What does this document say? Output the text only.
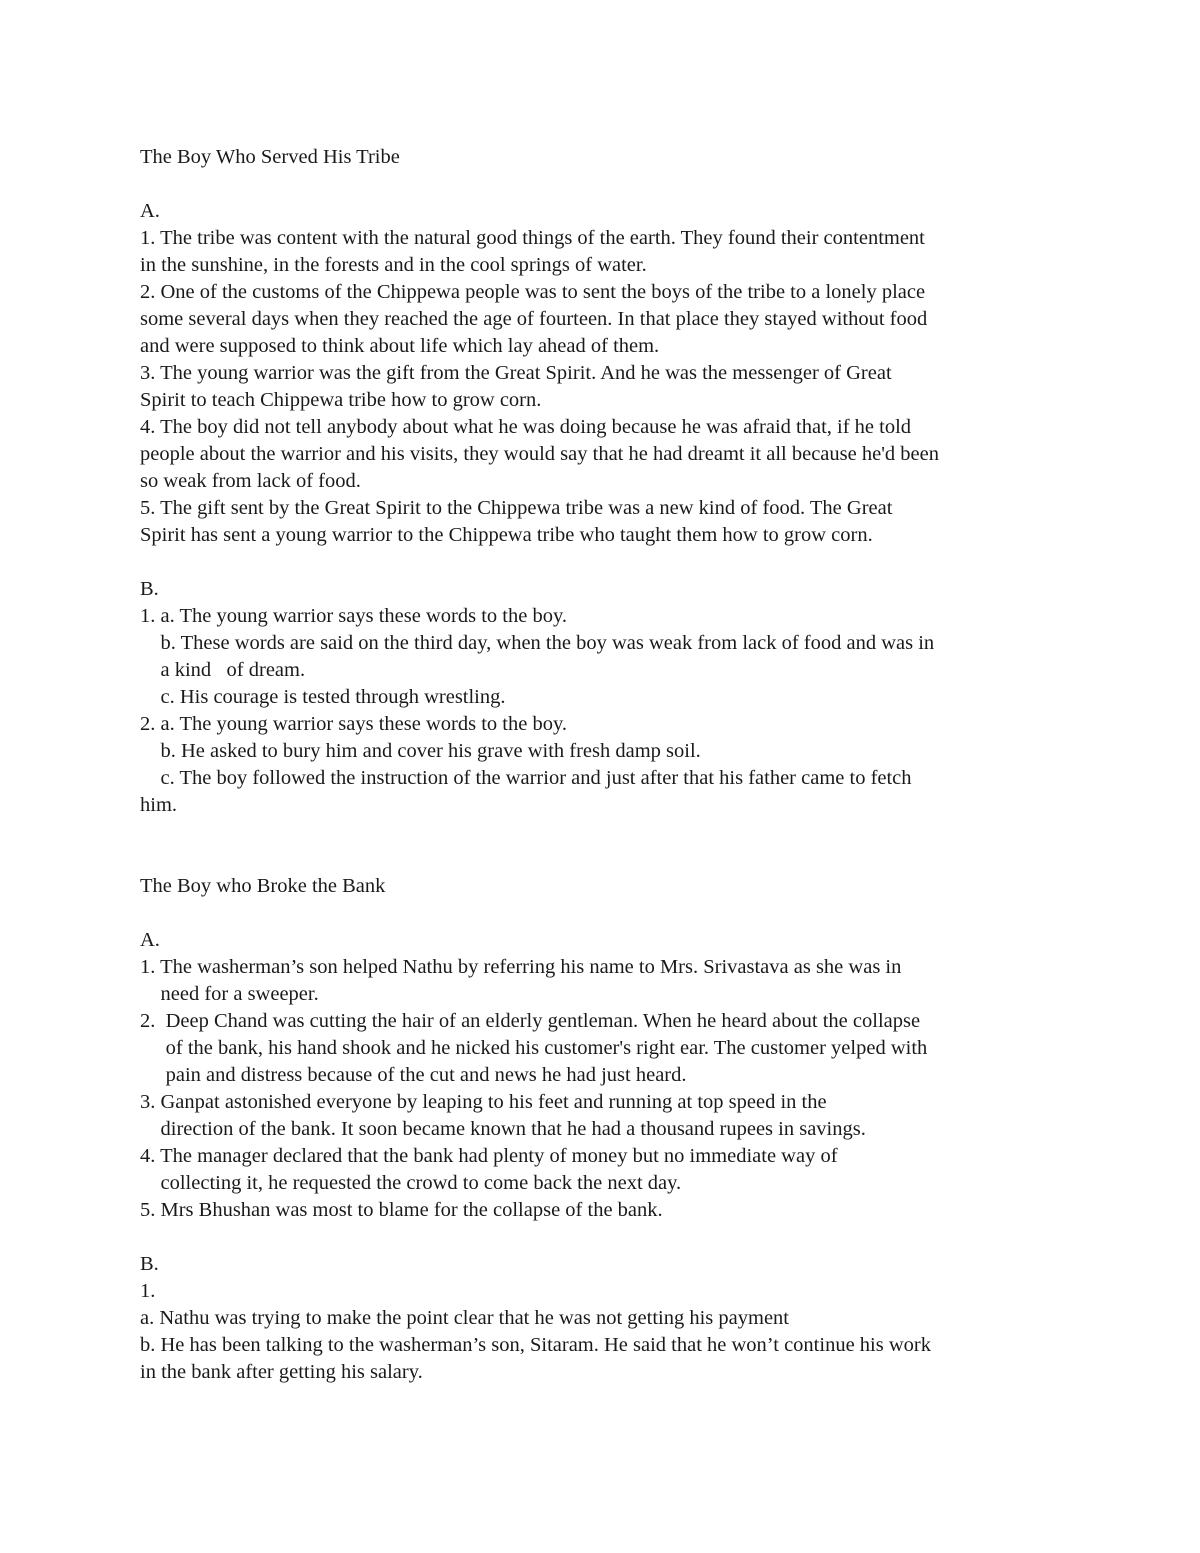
The Boy Who Served His Tribe
A.
1. The tribe was content with the natural good things of the earth. They found their contentment
in the sunshine, in the forests and in the cool springs of water.
2. One of the customs of the Chippewa people was to sent the boys of the tribe to a lonely place
some several days when they reached the age of fourteen. In that place they stayed without food
and were supposed to think about life which lay ahead of them.
3. The young warrior was the gift from the Great Spirit. And he was the messenger of Great
Spirit to teach Chippewa tribe how to grow corn.
4. The boy did not tell anybody about what he was doing because he was afraid that, if he told
people about the warrior and his visits, they would say that he had dreamt it all because he'd been
so weak from lack of food.
5. The gift sent by the Great Spirit to the Chippewa tribe was a new kind of food. The Great
Spirit has sent a young warrior to the Chippewa tribe who taught them how to grow corn.
B.
1. a. The young warrior says these words to the boy.
b. These words are said on the third day, when the boy was weak from lack of food and was in
a kind   of dream.
c. His courage is tested through wrestling.
2. a. The young warrior says these words to the boy.
b. He asked to bury him and cover his grave with fresh damp soil.
c. The boy followed the instruction of the warrior and just after that his father came to fetch
him.
The Boy who Broke the Bank
A.
1. The washerman’s son helped Nathu by referring his name to Mrs. Srivastava as she was in
need for a sweeper.
2.  Deep Chand was cutting the hair of an elderly gentleman. When he heard about the collapse
of the bank, his hand shook and he nicked his customer's right ear. The customer yelped with
pain and distress because of the cut and news he had just heard.
3. Ganpat astonished everyone by leaping to his feet and running at top speed in the
direction of the bank. It soon became known that he had a thousand rupees in savings.
4. The manager declared that the bank had plenty of money but no immediate way of
collecting it, he requested the crowd to come back the next day.
5. Mrs Bhushan was most to blame for the collapse of the bank.
B.
1.
a. Nathu was trying to make the point clear that he was not getting his payment
b. He has been talking to the washerman’s son, Sitaram. He said that he won’t continue his work
in the bank after getting his salary.
